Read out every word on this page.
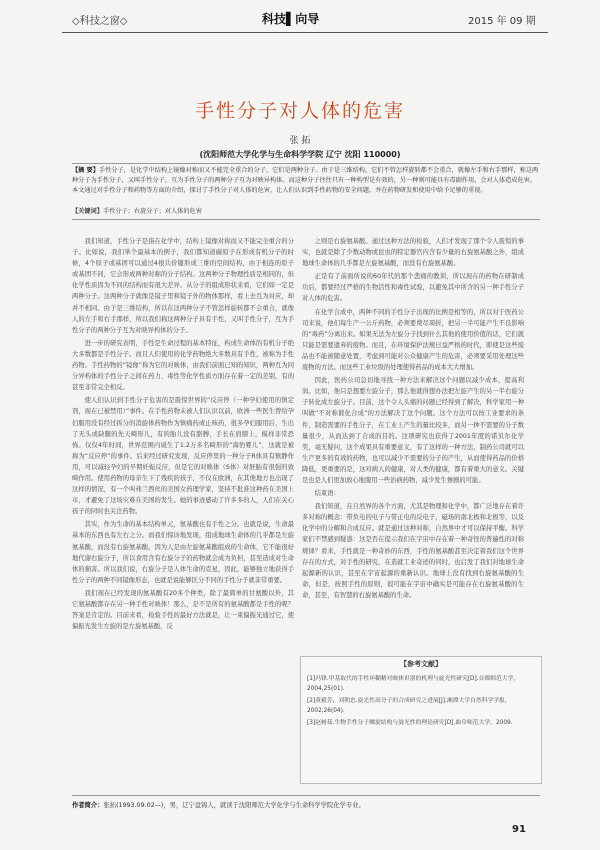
◇科技之窗◇	科技▌向导	2015 年 09 期
手性分子对人体的危害
张 拓
(沈阳师范大学化学与生命科学学院 辽宁 沈阳 110000)
【摘 要】手性分子，是化学中结构上镜像对称而又不能完全重合的分子，它们是两种分子。由于是三维结构，它们不管怎样旋转都不会重合，就像左手和右手那样，称这两种分子为手性分子，又叫手性分子，互为手性分子的两种分子互为对映异构体。而这种分子往往只有一种构型是有效的，另一种则可能具有毒副作用，会对人体造成危害。本文通过对手性分子和药物等方面的介绍，探讨了手性分子对人体的危害，让人们认识到手性药物的安全问题，并在药物研发和使用中给予足够的重视。
【关键词】手性分子；右旋分子；对人体的危害

我们知道，手性分子是指在化学中，结构上镜像对称而又不能完全重合的分子。比如说，我们举个最基本的例子，我们都知道碳原子在形成有机分子的时候，4个原子或基团可以通过4根共价键形成三维的空间结构，由于相连的原子或基团不同，它会形成两种对称的分子结构。这两种分子物理性质是相同的，但化学性质因为不同的结构而有很大差异。从分子的组成形状来看，它们如一定是两种分子。这两种分子就像是镜子里和镜子外的物体那样，看上去互为对应，却并不相同。由于是三维结构，所以在这两种分子不管怎样旋转都不会重合，就像人的左手和右手那样，所以我们称这两种分子具有手性，又叫手性分子，互为手性分子的两种分子互为对映异构体的分子。

进一步的研究表明，手性是生命过程的基本特征，构成生命体的有机分子绝大多数都是手性分子。而且人们使用的化学药物绝大多数具有手性，被称为手性药物。手性药物的“镜像”称为它的对映体，由我们前面已知的知识，两种互为同分异构体的手性分子之间在药力、毒性等化学性质方面存在着一定的差别，有的甚至非常完全相反。

使人们认识到手性分子危害的是震惊世界的“反应停（一种孕妇使用的镇定剂，现在已被禁用）”事件。在手性药物未被人们认识以前，欧洲一些医生曾给孕妇服用没有经过拆分的消旋体药物作为镇痛药或止咳药，很多孕妇服用后，生出了无头或缺腿的先天畸形儿，有的胎儿没有胳膊，手长在肩膀上，模样非常恐怖。仅仅4年时间，世界范围内诞生了1.2万多名畸形的“海豹婴儿”，这就是被称为“反应停”的事件。后来经过研究发现，反应停里的一种分子R体具有镇静作用，可以减轻孕妇的早期妊娠反应，但是它的对映体（S体）对胚胎有很强的致畸作用。使用药物的母亲生下了残疾的孩子，不仅在欧洲，在其他地方也出现了这样的情况，有一个叫弗兰西丝的美国女药理学家，坚持不批准这种药在美国上市，才避免了这场灾难在美国的发生。她的事迹感动了许多多的人，人们在关心孩子的同时也关注药物。

其实，作为生命的基本结构单元，氨基酸也有手性之分。也就是说，生命最基本的东西也有左右之分。而我们惊讶地发现，组成地球生命体的几乎都是左旋氨基酸，而没有右旋氨基酸。因为人是由左旋氨基酸组成的生命体，它不能很好地代谢右旋分子，所以食用含有右旋分子的药物就会成为负担，甚至造成对生命体的损害。所以我们说，右旋分子是人体生命的克星，因此，能够独立地获得手性分子的两种不同镜像形态，也就是说能够区分不同的手性分子就非常重要。

我们现在已经发现的氨基酸有20多个种类，除了最简单的甘氨酸以外，其它氨基酸都存在另一种手性对映体！那么，是不是所有的氨基酸都是手性的呢？答案是肯定的。目前来看，检验手性的最好方法就是，让一束偏振光通过它，使偏振光发生左旋的是左旋氨基酸，反

之则是右旋氨基酸。通过这种方法的检验，人们才发现了那个令人震惊的事实，也就是除了少数动物或昆虫的特定器官内含有少量的右旋氨基酸之外，组成地球生命体的几乎都是左旋氨基酸，而没有右旋氨基酸。

正是有了前面所说的60年代的那个悲痛的教训，所以现在的药物在研制成功后，都要经过严格的生物活性和毒性试验，以避免其中所含的另一种手性分子对人体的危害。

在化学合成中，两种不同的手性分子出现的比例是相等的，所以对于医药公司来说，他们每生产一公斤药物，必须要费尽周折，把另一半可能产生不良影响的“毒药”分离出来。如果无法为左旋分子找到什么其他的使用价值的话，它们就只能是需要遗弃的废物。而且，在环境保护法规日益严格的时代，即使是这些废品也不能被随意处置，考虑到可能对公众健康产生的危害，必须要采用处理这些废物的方法。而这些工业垃圾的处理使得药品的成本大大增加。

因此，医药公司急切地寻找一种方法来解决这个问题以减少成本，提高利润。比如，他只是想要左旋分子，那么他就得想办法把左旋产生的另一半右旋分子转化成左旋分子。目前，这个令人头痛的问题已经得到了解决，科学家用一种叫做“不对称催化合成”的方法解决了这个问题。这个方法可以按工业要求的条件，制造需要的手性分子，在工业上产生的量比较多，而另一种不需要的分子数量很少，从而达到了合成的目的。这项研究也获得了2001年度的诺贝尔化学奖，毫无疑问，这个成果具有重要意义，有了这样的一种方法，制药公司就可以生产更多的有效的药物，也可以减少不需要的分子的产生，从而使得药品的价格降低，更重要的是，这对病人的健康，对人类的健康，都有着重大的意义。关键是也是人们更加放心地服用一些治病药物，减少发生惨剧的可能。

结束语：

我们知道，在自然界的各个方面，尤其是物理和化学中，都广泛地存在着许多对称的概念：带负电的电子与带正电的反电子，磁场的南北极和北极等，以及化学中的分解和合成反应。就是通过这种对称，自然界中才可以保持平衡。科学家们不禁感到疑惑：这是否在提示我们在宇宙中存在着一种奇怪的普遍性的对称规律？看来，手性就是一种奇妙的东西，手性的氨基酸甚至决定着我们这个世界存在的方式，对手性的研究，在造就工业奇迹的同时，也启发了我们对地球生命起源新的认识，甚至在宇宙起源的重新认识。地球上没有找到右旋氨基酸的生命，但是，按照手性的原则，很可能在宇宙中确实是可能存在右旋氨基酸的生命，甚至，有智慧的右旋氨基酸的生命。

【参考文献】
[1]冯锋.甲基取代的手性环糊精对映体识别的机理与旋光性研究[D].首都师范大学，2004,25(01).
[2]黄毅芳，刘朝忠.旋光性高分子的合成研究之进展[J].湘潭大学自然科学学报，2002,26(04).
[3]赵树茹.生物手性分子螺旋结构与旋光性的理论研究[D].曲阜师范大学，2009.
作者简介：张拓(1993.09.02—)，男，辽宁盘锦人，就读于沈阳师范大学化学与生命科学学院化学专业。
91
